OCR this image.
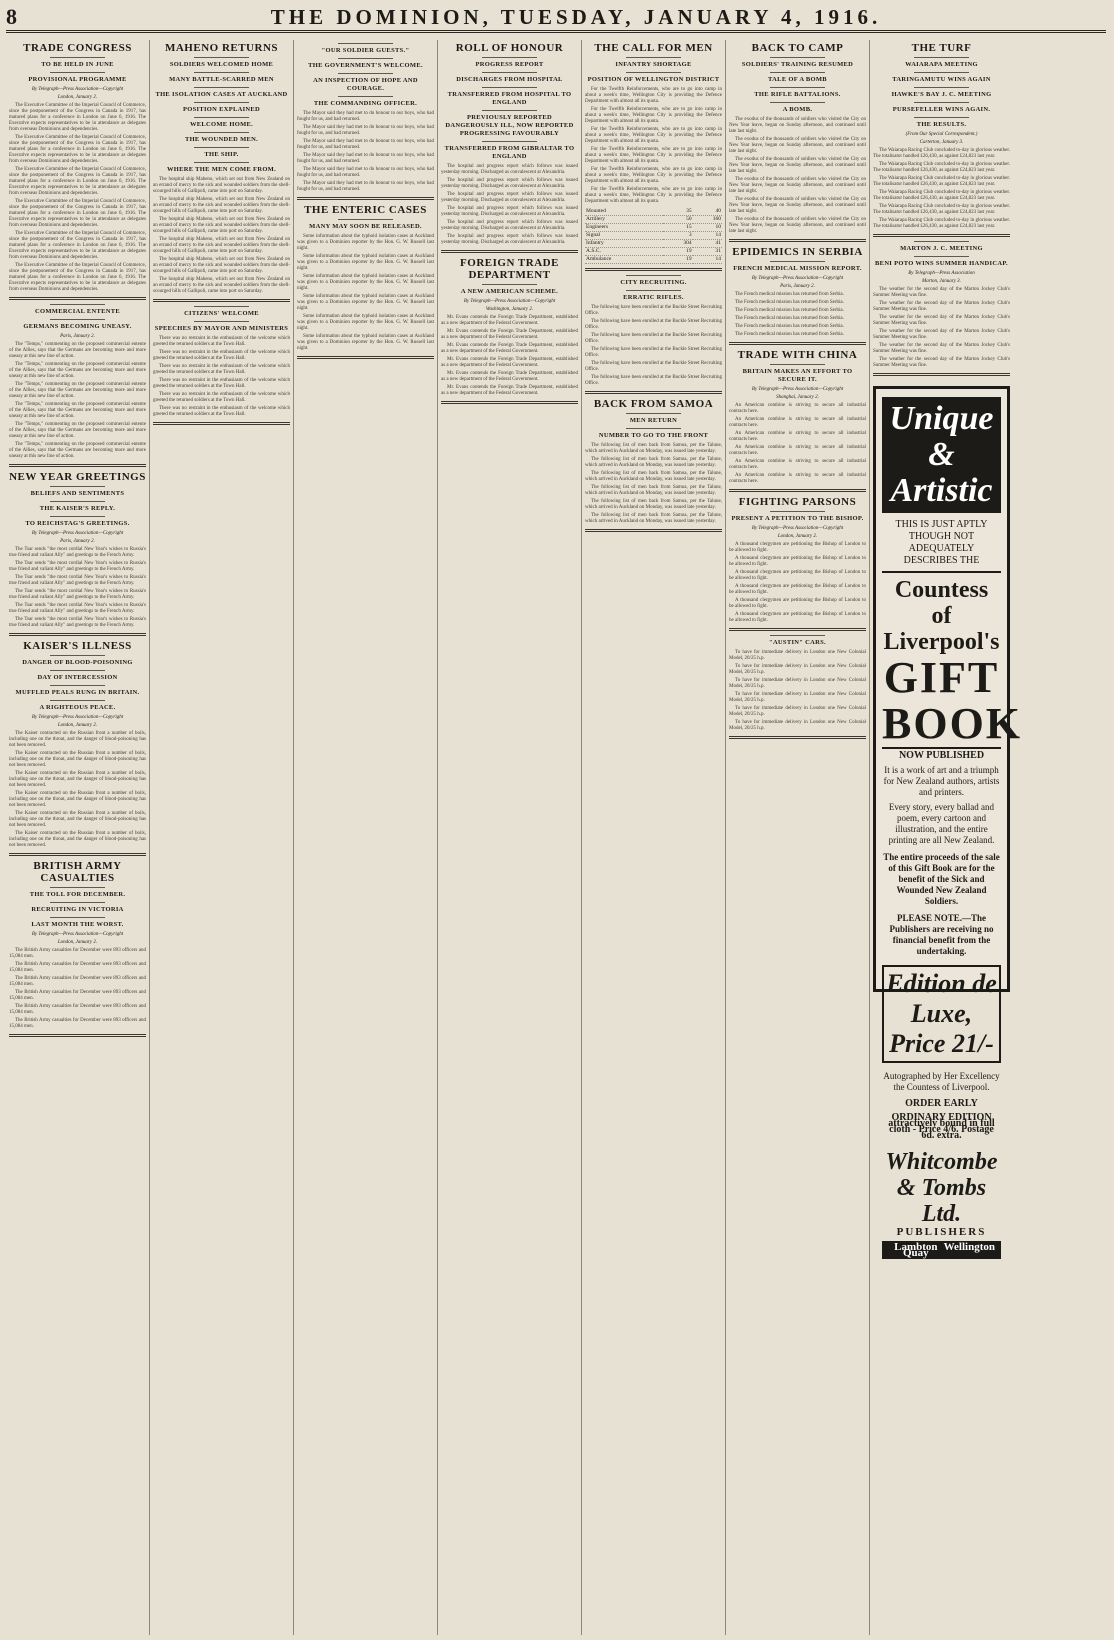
8	THE DOMINION, TUESDAY, JANUARY 4, 1916.
TRADE CONGRESS
TO BE HELD IN JUNE
PROVISIONAL PROGRAMME
By Telegraph—Press Association—Copyright
London, January 2.

The Executive Committee of the Imperial Council of Commerce, since the postponement of the Congress in Canada in 1917, has matured plans for a conference in London on June 6, 1916. The Executive expects representatives to be in attendance as delegates from overseas Dominions and dependencies.

The Executive Committee of the Imperial Council of Commerce, since the postponement of the Congress in Canada in 1917, has matured plans for a conference in London on June 6, 1916. The Executive expects representatives to be in attendance as delegates from overseas Dominions and dependencies.

The Executive Committee of the Imperial Council of Commerce, since the postponement of the Congress in Canada in 1917, has matured plans for a conference in London on June 6, 1916. The Executive expects representatives to be in attendance as delegates from overseas Dominions and dependencies.

The Executive Committee of the Imperial Council of Commerce, since the postponement of the Congress in Canada in 1917, has matured plans for a conference in London on June 6, 1916. The Executive expects representatives to be in attendance as delegates from overseas Dominions and dependencies.

The Executive Committee of the Imperial Council of Commerce, since the postponement of the Congress in Canada in 1917, has matured plans for a conference in London on June 6, 1916. The Executive expects representatives to be in attendance as delegates from overseas Dominions and dependencies.

The Executive Committee of the Imperial Council of Commerce, since the postponement of the Congress in Canada in 1917, has matured plans for a conference in London on June 6, 1916. The Executive expects representatives to be in attendance as delegates from overseas Dominions and dependencies.

COMMERCIAL ENTENTE
GERMANS BECOMING UNEASY.
Paris, January 2.

The "Temps," commenting on the proposed commercial entente of the Allies, says that the Germans are becoming more and more uneasy at this new line of action.

The "Temps," commenting on the proposed commercial entente of the Allies, says that the Germans are becoming more and more uneasy at this new line of action.

The "Temps," commenting on the proposed commercial entente of the Allies, says that the Germans are becoming more and more uneasy at this new line of action.

The "Temps," commenting on the proposed commercial entente of the Allies, says that the Germans are becoming more and more uneasy at this new line of action.

The "Temps," commenting on the proposed commercial entente of the Allies, says that the Germans are becoming more and more uneasy at this new line of action.

The "Temps," commenting on the proposed commercial entente of the Allies, says that the Germans are becoming more and more uneasy at this new line of action.

NEW YEAR GREETINGS
BELIEFS AND SENTIMENTS
THE KAISER'S REPLY.
TO REICHSTAG'S GREETINGS.
By Telegraph—Press Association—Copyright
Paris, January 2.

The Tsar sends "the most cordial New Year's wishes to Russia's true friend and valiant Ally" and greetings to the French Army.

The Tsar sends "the most cordial New Year's wishes to Russia's true friend and valiant Ally" and greetings to the French Army.

The Tsar sends "the most cordial New Year's wishes to Russia's true friend and valiant Ally" and greetings to the French Army.

The Tsar sends "the most cordial New Year's wishes to Russia's true friend and valiant Ally" and greetings to the French Army.

The Tsar sends "the most cordial New Year's wishes to Russia's true friend and valiant Ally" and greetings to the French Army.

The Tsar sends "the most cordial New Year's wishes to Russia's true friend and valiant Ally" and greetings to the French Army.

KAISER'S ILLNESS
DANGER OF BLOOD-POISONING
DAY OF INTERCESSION
MUFFLED PEALS RUNG IN BRITAIN.
A RIGHTEOUS PEACE.
By Telegraph—Press Association—Copyright
London, January 2.

The Kaiser contracted on the Russian front a number of boils, including one on the throat, and the danger of blood-poisoning has not been removed.

The Kaiser contracted on the Russian front a number of boils, including one on the throat, and the danger of blood-poisoning has not been removed.

The Kaiser contracted on the Russian front a number of boils, including one on the throat, and the danger of blood-poisoning has not been removed.

The Kaiser contracted on the Russian front a number of boils, including one on the throat, and the danger of blood-poisoning has not been removed.

The Kaiser contracted on the Russian front a number of boils, including one on the throat, and the danger of blood-poisoning has not been removed.

The Kaiser contracted on the Russian front a number of boils, including one on the throat, and the danger of blood-poisoning has not been removed.

BRITISH ARMY CASUALTIES
THE TOLL FOR DECEMBER.
RECRUITING IN VICTORIA
LAST MONTH THE WORST.
By Telegraph—Press Association—Copyright
London, January 2.

The British Army casualties for December were 893 officers and 15,084 men.

The British Army casualties for December were 893 officers and 15,084 men.

The British Army casualties for December were 893 officers and 15,084 men.

The British Army casualties for December were 893 officers and 15,084 men.

The British Army casualties for December were 893 officers and 15,084 men.

The British Army casualties for December were 893 officers and 15,084 men.

MAHENO RETURNS
SOLDIERS WELCOMED HOME
MANY BATTLE-SCARRED MEN
THE ISOLATION CASES AT AUCKLAND
POSITION EXPLAINED
WELCOME HOME.
THE WOUNDED MEN.
THE SHIP.
WHERE THE MEN COME FROM.

The hospital ship Maheno, which set out from New Zealand on an errand of mercy to the sick and wounded soldiers from the shell-scourged hills of Gallipoli, came into port on Saturday.

The hospital ship Maheno, which set out from New Zealand on an errand of mercy to the sick and wounded soldiers from the shell-scourged hills of Gallipoli, came into port on Saturday.

The hospital ship Maheno, which set out from New Zealand on an errand of mercy to the sick and wounded soldiers from the shell-scourged hills of Gallipoli, came into port on Saturday.

The hospital ship Maheno, which set out from New Zealand on an errand of mercy to the sick and wounded soldiers from the shell-scourged hills of Gallipoli, came into port on Saturday.

The hospital ship Maheno, which set out from New Zealand on an errand of mercy to the sick and wounded soldiers from the shell-scourged hills of Gallipoli, came into port on Saturday.

The hospital ship Maheno, which set out from New Zealand on an errand of mercy to the sick and wounded soldiers from the shell-scourged hills of Gallipoli, came into port on Saturday.

CITIZENS' WELCOME
SPEECHES BY MAYOR AND MINISTERS

There was no restraint in the enthusiasm of the welcome which greeted the returned soldiers at the Town Hall.

There was no restraint in the enthusiasm of the welcome which greeted the returned soldiers at the Town Hall.

There was no restraint in the enthusiasm of the welcome which greeted the returned soldiers at the Town Hall.

There was no restraint in the enthusiasm of the welcome which greeted the returned soldiers at the Town Hall.

There was no restraint in the enthusiasm of the welcome which greeted the returned soldiers at the Town Hall.

There was no restraint in the enthusiasm of the welcome which greeted the returned soldiers at the Town Hall.

"OUR SOLDIER GUESTS."
THE GOVERNMENT'S WELCOME.
AN INSPECTION OF HOPE AND COURAGE.
THE COMMANDING OFFICER.

The Mayor said they had met to do honour to our boys, who had fought for us, and had returned.

The Mayor said they had met to do honour to our boys, who had fought for us, and had returned.

The Mayor said they had met to do honour to our boys, who had fought for us, and had returned.

The Mayor said they had met to do honour to our boys, who had fought for us, and had returned.

The Mayor said they had met to do honour to our boys, who had fought for us, and had returned.

The Mayor said they had met to do honour to our boys, who had fought for us, and had returned.

THE ENTERIC CASES
MANY MAY SOON BE RELEASED.

Some information about the typhoid isolation cases at Auckland was given to a Dominion reporter by the Hon. G. W. Russell last night.

Some information about the typhoid isolation cases at Auckland was given to a Dominion reporter by the Hon. G. W. Russell last night.

Some information about the typhoid isolation cases at Auckland was given to a Dominion reporter by the Hon. G. W. Russell last night.

Some information about the typhoid isolation cases at Auckland was given to a Dominion reporter by the Hon. G. W. Russell last night.

Some information about the typhoid isolation cases at Auckland was given to a Dominion reporter by the Hon. G. W. Russell last night.

Some information about the typhoid isolation cases at Auckland was given to a Dominion reporter by the Hon. G. W. Russell last night.

ROLL OF HONOUR
PROGRESS REPORT
DISCHARGES FROM HOSPITAL
TRANSFERRED FROM HOSPITAL TO ENGLAND
PREVIOUSLY REPORTED DANGEROUSLY ILL, NOW REPORTED PROGRESSING FAVOURABLY
TRANSFERRED FROM GIBRALTAR TO ENGLAND

The hospital and progress report which follows was issued yesterday morning. Discharged as convalescent at Alexandria.

The hospital and progress report which follows was issued yesterday morning. Discharged as convalescent at Alexandria.

The hospital and progress report which follows was issued yesterday morning. Discharged as convalescent at Alexandria.

The hospital and progress report which follows was issued yesterday morning. Discharged as convalescent at Alexandria.

The hospital and progress report which follows was issued yesterday morning. Discharged as convalescent at Alexandria.

The hospital and progress report which follows was issued yesterday morning. Discharged as convalescent at Alexandria.

FOREIGN TRADE DEPARTMENT
A NEW AMERICAN SCHEME.
By Telegraph—Press Association—Copyright
Washington, January 2.

Mr. Evans contends the Foreign Trade Department, established as a new department of the Federal Government.

Mr. Evans contends the Foreign Trade Department, established as a new department of the Federal Government.

Mr. Evans contends the Foreign Trade Department, established as a new department of the Federal Government.

Mr. Evans contends the Foreign Trade Department, established as a new department of the Federal Government.

Mr. Evans contends the Foreign Trade Department, established as a new department of the Federal Government.

Mr. Evans contends the Foreign Trade Department, established as a new department of the Federal Government.

THE CALL FOR MEN
INFANTRY SHORTAGE
POSITION OF WELLINGTON DISTRICT

For the Twelfth Reinforcements, who are to go into camp in about a week's time, Wellington City is providing the Defence Department with almost all its quota.

For the Twelfth Reinforcements, who are to go into camp in about a week's time, Wellington City is providing the Defence Department with almost all its quota.

For the Twelfth Reinforcements, who are to go into camp in about a week's time, Wellington City is providing the Defence Department with almost all its quota.

For the Twelfth Reinforcements, who are to go into camp in about a week's time, Wellington City is providing the Defence Department with almost all its quota.

For the Twelfth Reinforcements, who are to go into camp in about a week's time, Wellington City is providing the Defence Department with almost all its quota.

For the Twelfth Reinforcements, who are to go into camp in about a week's time, Wellington City is providing the Defence Department with almost all its quota.

Mounted	35	40
Artillery	50	160
Engineers	15	10
Signal	3	14
Infantry	304	41
A.S.C.	19	31
Ambulance	19	14
CITY RECRUITING.
ERRATIC RIFLES.

The following have been enrolled at the Buckle Street Recruiting Office.

The following have been enrolled at the Buckle Street Recruiting Office.

The following have been enrolled at the Buckle Street Recruiting Office.

The following have been enrolled at the Buckle Street Recruiting Office.

The following have been enrolled at the Buckle Street Recruiting Office.

The following have been enrolled at the Buckle Street Recruiting Office.

BACK FROM SAMOA
MEN RETURN
NUMBER TO GO TO THE FRONT

The following list of men back from Samoa, per the Talune, which arrived in Auckland on Monday, was issued late yesterday.

The following list of men back from Samoa, per the Talune, which arrived in Auckland on Monday, was issued late yesterday.

The following list of men back from Samoa, per the Talune, which arrived in Auckland on Monday, was issued late yesterday.

The following list of men back from Samoa, per the Talune, which arrived in Auckland on Monday, was issued late yesterday.

The following list of men back from Samoa, per the Talune, which arrived in Auckland on Monday, was issued late yesterday.

The following list of men back from Samoa, per the Talune, which arrived in Auckland on Monday, was issued late yesterday.

BACK TO CAMP
SOLDIERS' TRAINING RESUMED
TALE OF A BOMB
THE RIFLE BATTALIONS.
A BOMB.

The exodus of the thousands of soldiers who visited the City on New Year leave, began on Sunday afternoon, and continued until late last night.

The exodus of the thousands of soldiers who visited the City on New Year leave, began on Sunday afternoon, and continued until late last night.

The exodus of the thousands of soldiers who visited the City on New Year leave, began on Sunday afternoon, and continued until late last night.

The exodus of the thousands of soldiers who visited the City on New Year leave, began on Sunday afternoon, and continued until late last night.

The exodus of the thousands of soldiers who visited the City on New Year leave, began on Sunday afternoon, and continued until late last night.

The exodus of the thousands of soldiers who visited the City on New Year leave, began on Sunday afternoon, and continued until late last night.

EPIDEMICS IN SERBIA
FRENCH MEDICAL MISSION REPORT.
By Telegraph—Press Association—Copyright
Paris, January 2.

The French medical mission has returned from Serbia.

The French medical mission has returned from Serbia.

The French medical mission has returned from Serbia.

The French medical mission has returned from Serbia.

The French medical mission has returned from Serbia.

The French medical mission has returned from Serbia.

TRADE WITH CHINA
BRITAIN MAKES AN EFFORT TO SECURE IT.
By Telegraph—Press Association—Copyright
Shanghai, January 2.

An American combine is striving to secure all industrial contracts here.

An American combine is striving to secure all industrial contracts here.

An American combine is striving to secure all industrial contracts here.

An American combine is striving to secure all industrial contracts here.

An American combine is striving to secure all industrial contracts here.

An American combine is striving to secure all industrial contracts here.

FIGHTING PARSONS
PRESENT A PETITION TO THE BISHOP.
By Telegraph—Press Association—Copyright
London, January 2.

A thousand clergymen are petitioning the Bishop of London to be allowed to fight.

A thousand clergymen are petitioning the Bishop of London to be allowed to fight.

A thousand clergymen are petitioning the Bishop of London to be allowed to fight.

A thousand clergymen are petitioning the Bishop of London to be allowed to fight.

A thousand clergymen are petitioning the Bishop of London to be allowed to fight.

A thousand clergymen are petitioning the Bishop of London to be allowed to fight.

"AUSTIN" CARS.

To have for immediate delivery in London one New Colonial Model, 20/25 h.p.

To have for immediate delivery in London one New Colonial Model, 20/25 h.p.

To have for immediate delivery in London one New Colonial Model, 20/25 h.p.

To have for immediate delivery in London one New Colonial Model, 20/25 h.p.

To have for immediate delivery in London one New Colonial Model, 20/25 h.p.

To have for immediate delivery in London one New Colonial Model, 20/25 h.p.

THE TURF
WAIARAPA MEETING
TARINGAMUTU WINS AGAIN
HAWKE'S BAY J. C. MEETING
PURSEFELLER WINS AGAIN.
THE RESULTS.
(From Our Special Correspondent.)
Carterton, January 3.

The Waiarapa Racing Club concluded to-day in glorious weather. The totalisator handled £26,430, as against £24,823 last year.

The Waiarapa Racing Club concluded to-day in glorious weather. The totalisator handled £26,430, as against £24,823 last year.

The Waiarapa Racing Club concluded to-day in glorious weather. The totalisator handled £26,430, as against £24,823 last year.

The Waiarapa Racing Club concluded to-day in glorious weather. The totalisator handled £26,430, as against £24,823 last year.

The Waiarapa Racing Club concluded to-day in glorious weather. The totalisator handled £26,430, as against £24,823 last year.

The Waiarapa Racing Club concluded to-day in glorious weather. The totalisator handled £26,430, as against £24,823 last year.

MARTON J. C. MEETING
BENI POTO WINS SUMMER HANDICAP.
By Telegraph—Press Association
Marton, January 3.

The weather for the second day of the Marton Jockey Club's Summer Meeting was fine.

The weather for the second day of the Marton Jockey Club's Summer Meeting was fine.

The weather for the second day of the Marton Jockey Club's Summer Meeting was fine.

The weather for the second day of the Marton Jockey Club's Summer Meeting was fine.

The weather for the second day of the Marton Jockey Club's Summer Meeting was fine.

The weather for the second day of the Marton Jockey Club's Summer Meeting was fine.

Unique & Artistic
THIS IS JUST APTLY THOUGH NOT ADEQUATELY DESCRIBES THE
Countess of Liverpool's
GIFT BOOK
NOW PUBLISHED
It is a work of art and a triumph for New Zealand authors, artists and printers.
Every story, every ballad and poem, every cartoon and illustration, and the entire printing are all New Zealand.
The entire proceeds of the sale of this Gift Book are for the benefit of the Sick and Wounded New Zealand Soldiers.
PLEASE NOTE.—The Publishers are receiving no financial benefit from the undertaking.
Edition de Luxe, Price 21/-
Autographed by Her Excellency the Countess of Liverpool.
ORDER EARLY
ORDINARY EDITION attractively bound in full cloth - Price 4/6. Postage 6d. extra.
Whitcombe & Tombs Ltd.
PUBLISHERS
Lambton Quay	Wellington
